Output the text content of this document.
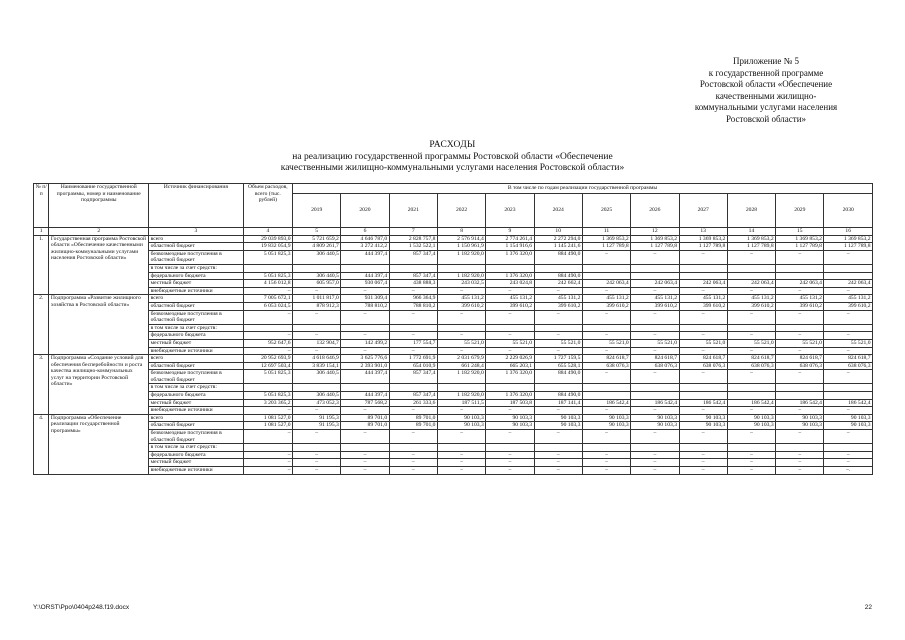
Приложение № 5
к государственной программе
Ростовской области «Обеспечение
качественными жилищно-
коммунальными услугами населения
Ростовской области»
РАСХОДЫ
на реализацию государственной программы Ростовской области «Обеспечение
качественными жилищно-коммунальными услугами населения Ростовской области»
№ п/п	Наименование государственной программы, номер и наименование подпрограммы	Источник финансирования	Объем расходов, всего (тыс. рублей)	В том числе по годам реализации государственной программы											
				2019	2020	2021	2022	2023	2024	2025	2026	2027	2028	2029	2030
1	2	3	4	5	6	7	8	9	10	11	12	13	14	15	16
1.	Государственная программа Ростовской области «Обеспечение качественными жилищно-коммунальными услугами населения Ростовской области»	всего	29 039 893,0	5 721 659,2	4 646 787,0	2 828 757,8	2 576 914,4	2 774 261,4	2 272 294,0	1 369 853,2	1 369 853,2	1 369 853,2	1 369 853,2	1 369 853,2	1 369 853,2
		областной бюджет	19 832 054,9	4 809 261,7	3 272 412,2	1 532 522,1	1 150 961,9	1 154 916,6	1 145 241,6	1 127 789,8	1 127 789,8	1 127 789,8	1 127 789,8	1 127 789,8	1 127 789,8
		безвозмездные поступления в областной бюджет	5 051 825,3	306 440,5	444 397,4	857 347,4	1 182 920,0	1 376 320,0	884 490,0	–	–	–	–	–	–
		в том числе за счет средств:													
		федерального бюджета	5 051 825,3	306 440,5	444 397,4	857 347,4	1 182 920,0	1 376 320,0	884 490,0						
		местный бюджет	4 156 012,8	605 957,0	930 067,4	438 888,3	243 032,5	243 024,8	242 662,4	242 063,4	242 063,4	242 063,4	242 063,4	242 063,4	242 063,4
		внебюджетные источники	–	–	–	–	–	–	–	–	–	–	–	–	–
2.	Подпрограмма «Развитие жилищного хозяйства в Ростовской области»	всего	7 005 672,1	1 011 817,0	931 309,4	966 364,9	455 131,2	455 131,2	455 131,2	455 131,2	455 131,2	455 131,2	455 131,2	455 131,2	455 131,2
		областной бюджет	6 053 024,5	878 912,3	788 810,2	788 810,2	399 610,2	399 610,2	399 610,2	399 610,2	399 610,2	399 610,2	399 610,2	399 610,2	399 610,2
		безвозмездные поступления в областной бюджет	–	–	–	–	–	–	–	–	–	–	–	–	–
		в том числе за счет средств:													
		федерального бюджета	–	–	–	–	–	–	–	–	–	–	–	–	–
		местный бюджет	952 647,6	132 904,7	142 499,2	177 554,7	55 521,0	55 521,0	55 521,0	55 521,0	55 521,0	55 521,0	55 521,0	55 521,0	55 521,0
		внебюджетные источники	–	–	–	–	–	–	–	–	–	–	–	–	–
3.	Подпрограмма «Создание условий для обеспечения бесперебойности и роста качества жилищно-коммунальных услуг на территории Ростовской области»	всего	20 952 693,9	4 618 646,9	3 625 776,6	1 772 691,9	2 031 679,9	2 229 026,9	1 727 159,5	824 618,7	824 618,7	824 618,7	824 618,7	824 618,7	824 618,7
		областной бюджет	12 697 503,4	3 839 154,1	2 393 901,0	654 010,9	661 248,4	665 203,1	655 528,1	638 076,3	638 076,3	638 076,3	638 076,3	638 076,3	638 076,3
		безвозмездные поступления в областной бюджет	5 051 825,3	306 440,5	444 397,4	857 347,4	1 182 920,0	1 376 320,0	884 490,0	–	–	–	–	–	–
		в том числе за счет средств:													
		федерального бюджета	5 051 825,3	306 440,5	444 397,4	857 347,4	1 182 920,0	1 376 320,0	884 490,0						
		местный бюджет	3 203 365,2	473 052,3	787 568,2	261 333,6	187 511,5	187 503,8	187 141,4	186 542,4	186 542,4	186 542,4	186 542,4	186 542,4	186 542,4
		внебюджетные источники	–	–	–	–	–	–	–	–	–	–	–	–	–
4.	Подпрограмма «Обеспечение реализации государственной программы»	всего	1 081 527,0	91 195,3	89 701,0	89 701,0	90 103,3	90 103,3	90 103,3	90 103,3	90 103,3	90 103,3	90 103,3	90 103,3	90 103,3
		областной бюджет	1 081 527,0	91 195,3	89 701,0	89 701,0	90 103,3	90 103,3	90 103,3	90 103,3	90 103,3	90 103,3	90 103,3	90 103,3	90 103,3
		безвозмездные поступления в областной бюджет	–	–	–	–	–	–	–	–	–	–	–	–	–
		в том числе за счет средств:													
		федерального бюджета	–	–	–	–	–	–	–	–	–	–	–	–	–
		местный бюджет	–	–	–	–	–	–	–	–	–	–	–	–	–
		внебюджетные источники	–	–	–	–	–	–	–	–	–	–	–	–	–.
Y:\ORST\Ppo\0404p248.f19.docx	22
